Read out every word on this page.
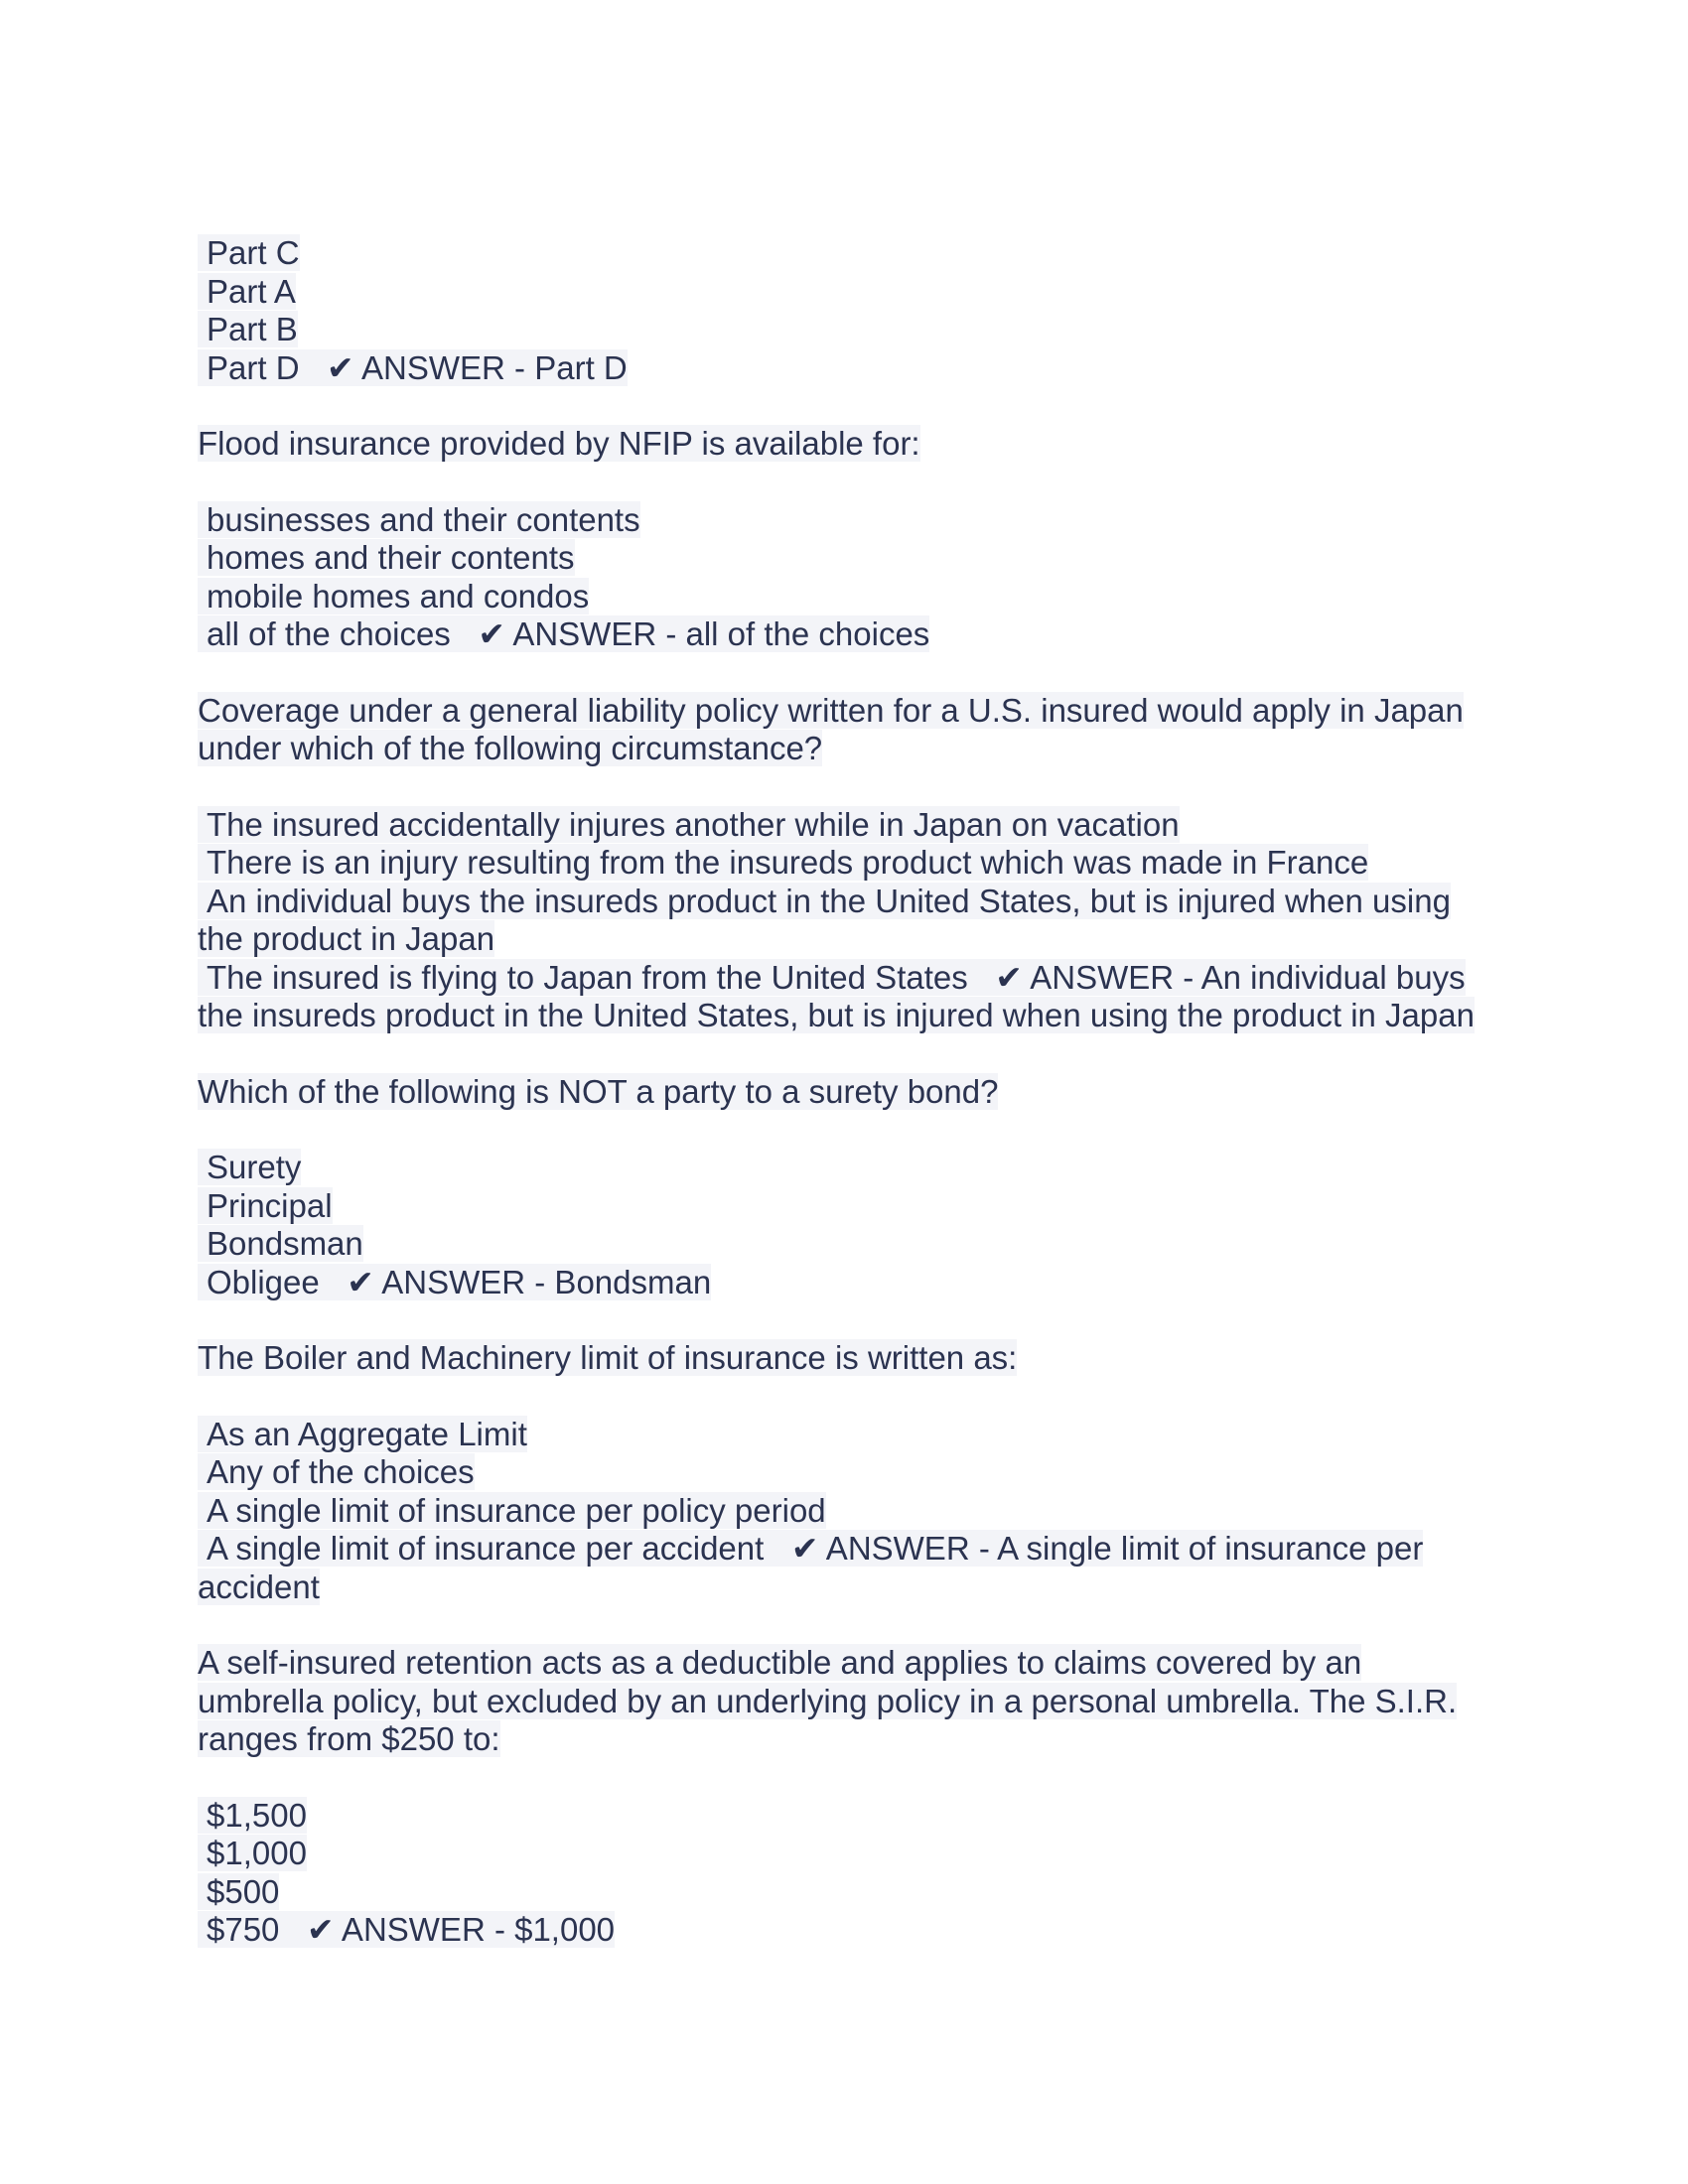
Part C
Part A
Part B
Part D ✔ ANSWER - Part D

Flood insurance provided by NFIP is available for:

businesses and their contents
homes and their contents
mobile homes and condos
all of the choices ✔ ANSWER - all of the choices

Coverage under a general liability policy written for a U.S. insured would apply in Japan under which of the following circumstance?

The insured accidentally injures another while in Japan on vacation
There is an injury resulting from the insureds product which was made in France
An individual buys the insureds product in the United States, but is injured when using the product in Japan
The insured is flying to Japan from the United States ✔ ANSWER - An individual buys the insureds product in the United States, but is injured when using the product in Japan

Which of the following is NOT a party to a surety bond?

Surety
Principal
Bondsman
Obligee ✔ ANSWER - Bondsman

The Boiler and Machinery limit of insurance is written as:

As an Aggregate Limit
Any of the choices
A single limit of insurance per policy period
A single limit of insurance per accident ✔ ANSWER - A single limit of insurance per accident

A self-insured retention acts as a deductible and applies to claims covered by an umbrella policy, but excluded by an underlying policy in a personal umbrella. The S.I.R. ranges from $250 to:

$1,500
$1,000
$500
$750 ✔ ANSWER - $1,000
